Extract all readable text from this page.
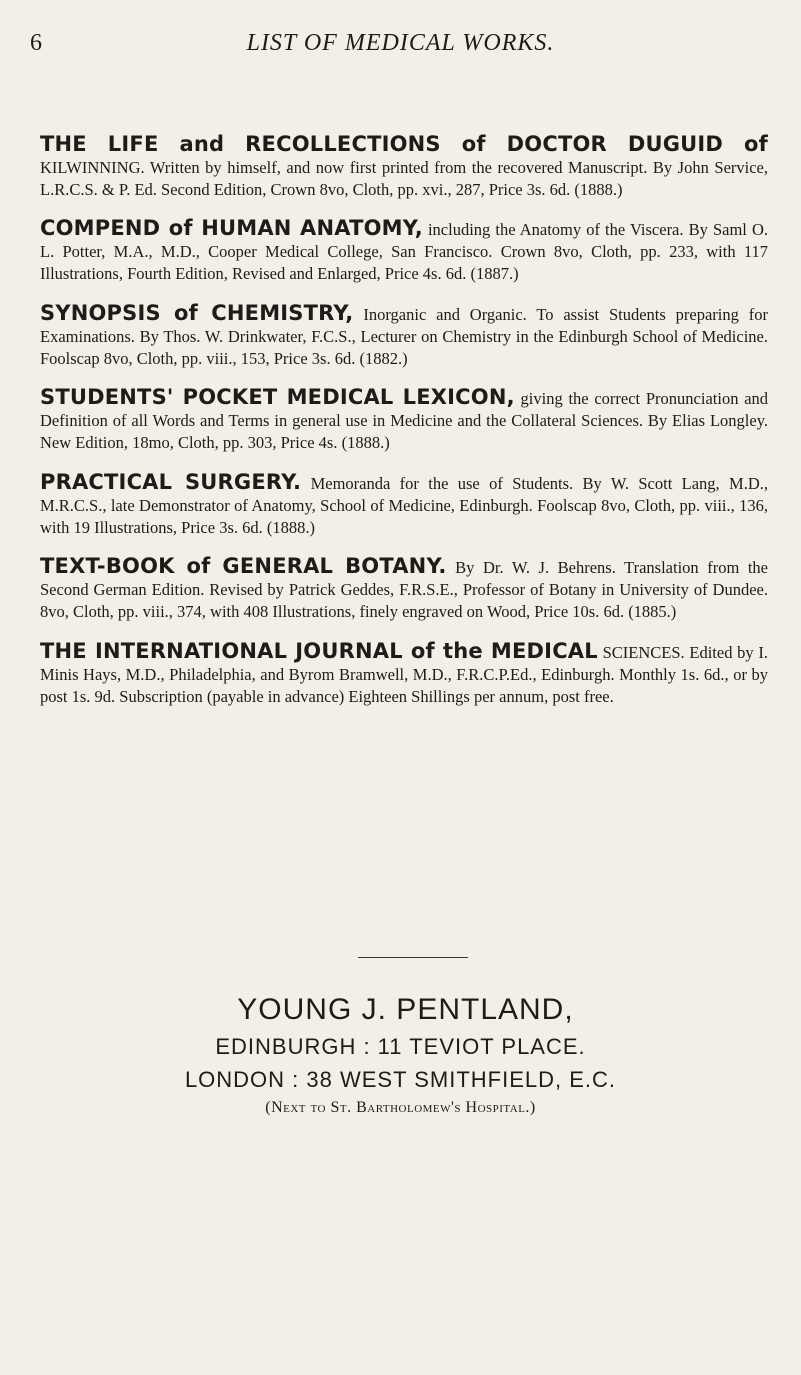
6	LIST OF MEDICAL WORKS.

THE LIFE and RECOLLECTIONS of DOCTOR DUGUID of KILWINNING. Written by himself, and now first printed from the recovered Manuscript. By John Service, L.R.C.S. & P. Ed. Second Edition, Crown 8vo, Cloth, pp. xvi., 287, Price 3s. 6d. (1888.)

COMPEND of HUMAN ANATOMY, including the Anatomy of the Viscera. By Saml O. L. Potter, M.A., M.D., Cooper Medical College, San Francisco. Crown 8vo, Cloth, pp. 233, with 117 Illustrations, Fourth Edition, Revised and Enlarged, Price 4s. 6d. (1887.)

SYNOPSIS of CHEMISTRY, Inorganic and Organic. To assist Students preparing for Examinations. By Thos. W. Drinkwater, F.C.S., Lecturer on Chemistry in the Edinburgh School of Medicine. Foolscap 8vo, Cloth, pp. viii., 153, Price 3s. 6d. (1882.)

STUDENTS' POCKET MEDICAL LEXICON, giving the correct Pronunciation and Definition of all Words and Terms in general use in Medicine and the Collateral Sciences. By Elias Longley. New Edition, 18mo, Cloth, pp. 303, Price 4s. (1888.)

PRACTICAL SURGERY. Memoranda for the use of Students. By W. Scott Lang, M.D., M.R.C.S., late Demonstrator of Anatomy, School of Medicine, Edinburgh. Foolscap 8vo, Cloth, pp. viii., 136, with 19 Illustrations, Price 3s. 6d. (1888.)

TEXT-BOOK of GENERAL BOTANY. By Dr. W. J. Behrens. Translation from the Second German Edition. Revised by Patrick Geddes, F.R.S.E., Professor of Botany in University of Dundee. 8vo, Cloth, pp. viii., 374, with 408 Illustrations, finely engraved on Wood, Price 10s. 6d. (1885.)

THE INTERNATIONAL JOURNAL of the MEDICAL SCIENCES. Edited by I. Minis Hays, M.D., Philadelphia, and Byrom Bramwell, M.D., F.R.C.P.Ed., Edinburgh. Monthly 1s. 6d., or by post 1s. 9d. Subscription (payable in advance) Eighteen Shillings per annum, post free.

YOUNG J. PENTLAND,
EDINBURGH : 11 TEVIOT PLACE.
LONDON : 38 WEST SMITHFIELD, E.C.
(Next to St. Bartholomew's Hospital.)
